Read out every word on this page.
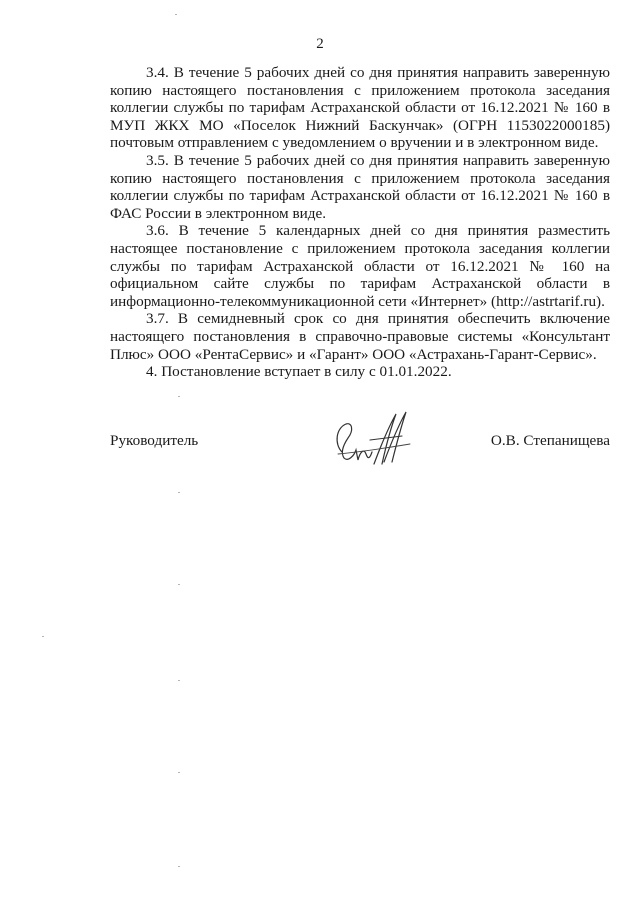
2

3.4. В течение 5 рабочих дней со дня принятия направить заверенную копию настоящего постановления с приложением протокола заседания коллегии службы по тарифам Астраханской области от 16.12.2021 № 160 в МУП ЖКХ МО «Поселок Нижний Баскунчак» (ОГРН 1153022000185) почтовым отправлением с уведомлением о вручении и в электронном виде.

3.5. В течение 5 рабочих дней со дня принятия направить заверенную копию настоящего постановления с приложением протокола заседания коллегии службы по тарифам Астраханской области от 16.12.2021 № 160 в ФАС России в электронном виде.

3.6. В течение 5 календарных дней со дня принятия разместить настоящее постановление с приложением протокола заседания коллегии службы по тарифам Астраханской области от 16.12.2021 № 160 на официальном сайте службы по тарифам Астраханской области в информационно-телекоммуникационной сети «Интернет» (http://astrtarif.ru).

3.7. В семидневный срок со дня принятия обеспечить включение настоящего постановления в справочно-правовые системы «Консультант Плюс» ООО «РентаСервис» и «Гарант» ООО «Астрахань-Гарант-Сервис».

4. Постановление вступает в силу с 01.01.2022.

Руководитель	О.В. Степанищева
